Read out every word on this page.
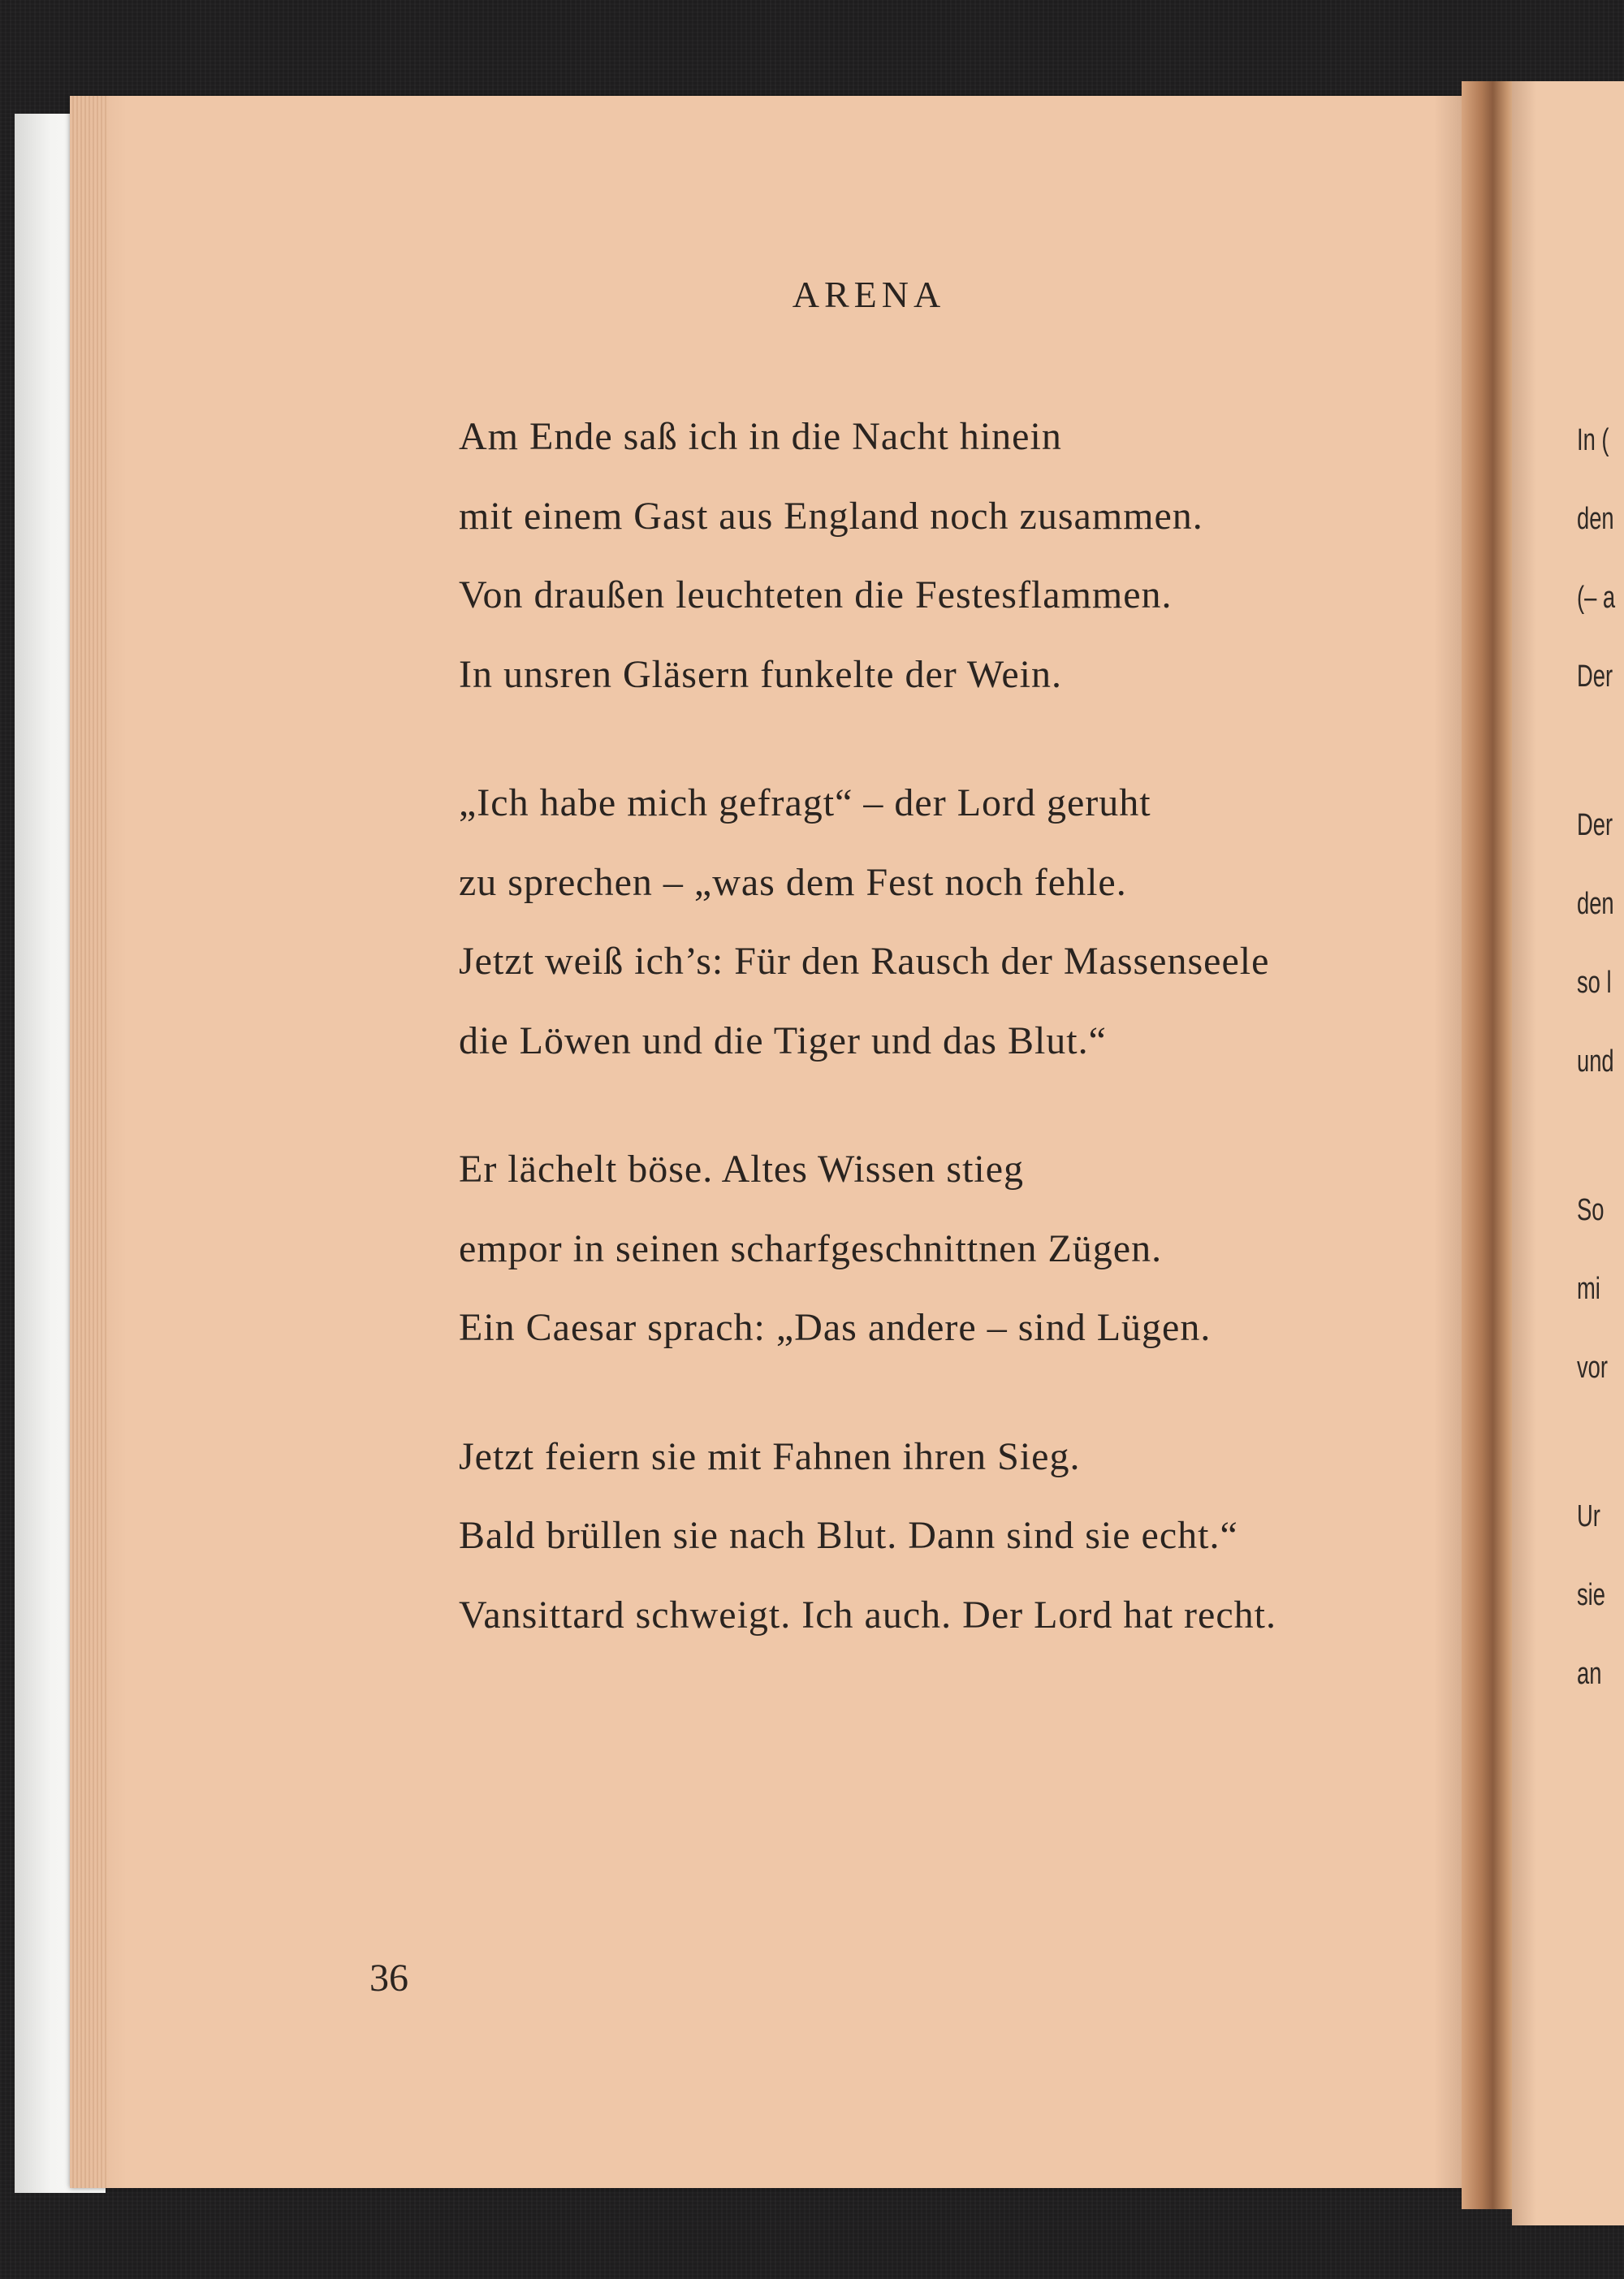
ARENA
Am Ende saß ich in die Nacht hinein
mit einem Gast aus England noch zusammen.
Von draußen leuchteten die Festesflammen.
In unsren Gläsern funkelte der Wein.
„Ich habe mich gefragt“ – der Lord geruht
zu sprechen – „was dem Fest noch fehle.
Jetzt weiß ich’s: Für den Rausch der Massenseele
die Löwen und die Tiger und das Blut.“
Er lächelt böse. Altes Wissen stieg
empor in seinen scharfgeschnittnen Zügen.
Ein Caesar sprach: „Das andere – sind Lügen.
Jetzt feiern sie mit Fahnen ihren Sieg.
Bald brüllen sie nach Blut. Dann sind sie echt.“
Vansittard schweigt. Ich auch. Der Lord hat recht.
36
In (
den
(– a
Der
Der
den
so l
und
So
mi
vor
Ur
sie
an
